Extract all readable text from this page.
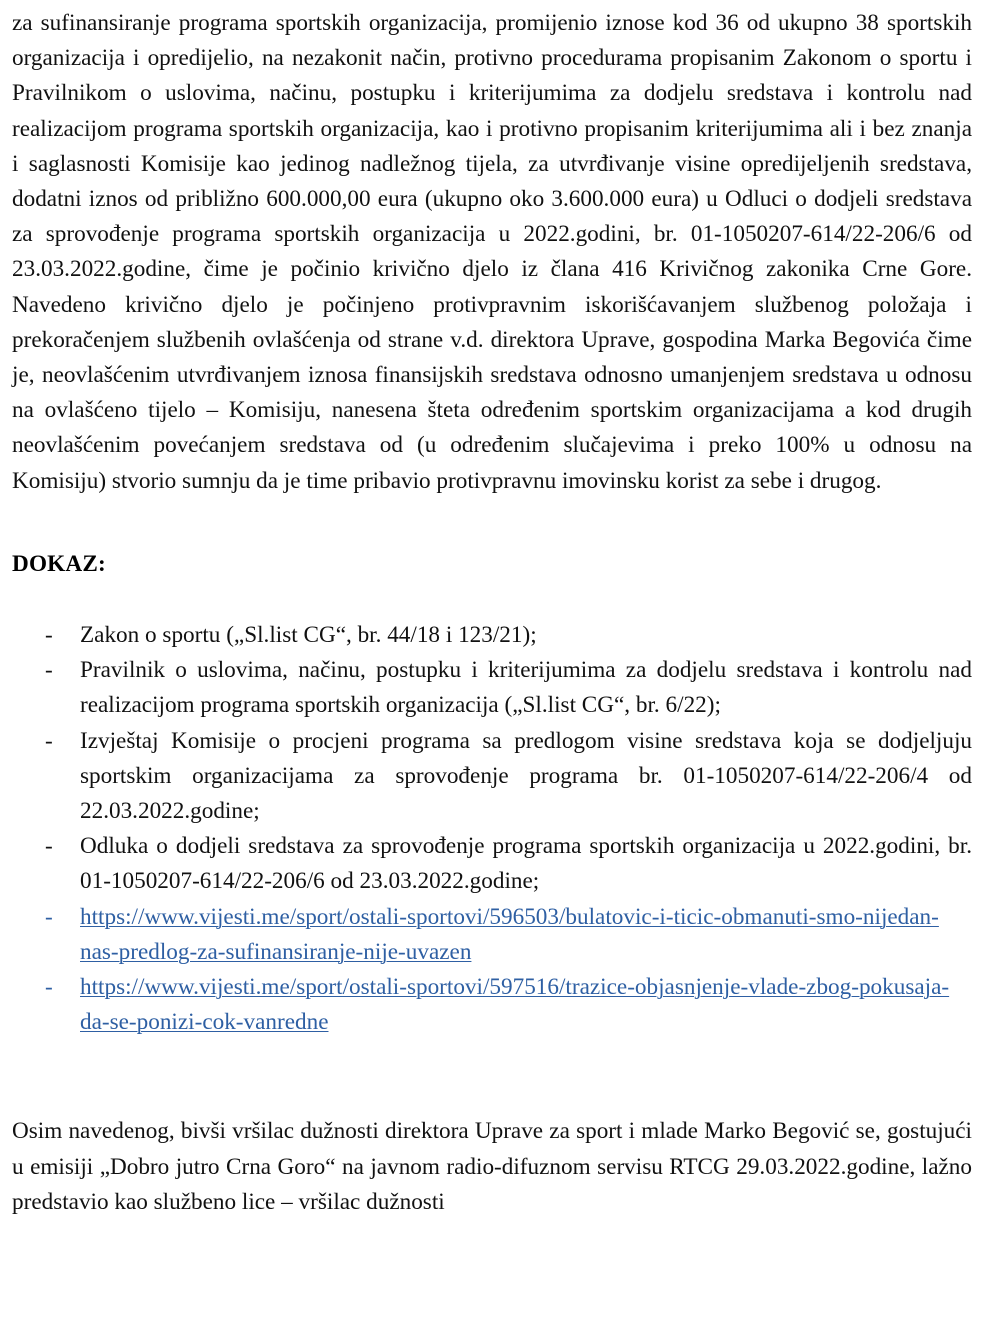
za sufinansiranje programa sportskih organizacija, promijenio iznose kod 36 od ukupno 38 sportskih organizacija i opredijelio, na nezakonit način, protivno procedurama propisanim Zakonom o sportu i Pravilnikom o uslovima, načinu, postupku i kriterijumima za dodjelu sredstava i kontrolu nad realizacijom programa sportskih organizacija, kao i protivno propisanim kriterijumima ali i bez znanja i saglasnosti Komisije kao jedinog nadležnog tijela, za utvrđivanje visine opredijeljenih sredstava, dodatni iznos od približno 600.000,00 eura (ukupno oko 3.600.000 eura) u Odluci o dodjeli sredstava za sprovođenje programa sportskih organizacija u 2022.godini, br. 01-1050207-614/22-206/6 od 23.03.2022.godine, čime je počinio krivično djelo iz člana 416 Krivičnog zakonika Crne Gore. Navedeno krivično djelo je počinjeno protivpravnim iskorišćavanjem službenog položaja i prekoračenjem službenih ovlašćenja od strane v.d. direktora Uprave, gospodina Marka Begovića čime je, neovlašćenim utvrđivanjem iznosa finansijskih sredstava odnosno umanjenjem sredstava u odnosu na ovlašćeno tijelo – Komisiju, nanesena šteta određenim sportskim organizacijama a kod drugih neovlašćenim povećanjem sredstava od (u određenim slučajevima i preko 100% u odnosu na Komisiju) stvorio sumnju da je time pribavio protivpravnu imovinsku korist za sebe i drugog.

DOKAZ:

-	Zakon o sportu („Sl.list CG“, br. 44/18 i 123/21);
-	Pravilnik o uslovima, načinu, postupku i kriterijumima za dodjelu sredstava i kontrolu nad realizacijom programa sportskih organizacija („Sl.list CG“, br. 6/22);
-	Izvještaj Komisije o procjeni programa sa predlogom visine sredstava koja se dodjeljuju sportskim organizacijama za sprovođenje programa br. 01-1050207-614/22-206/4 od 22.03.2022.godine;
-	Odluka o dodjeli sredstava za sprovođenje programa sportskih organizacija u 2022.godini, br. 01-1050207-614/22-206/6 od 23.03.2022.godine;
-	https://www.vijesti.me/sport/ostali-sportovi/596503/bulatovic-i-ticic-obmanuti-smo-nijedan-nas-predlog-za-sufinansiranje-nije-uvazen
-	https://www.vijesti.me/sport/ostali-sportovi/597516/trazice-objasnjenje-vlade-zbog-pokusaja-da-se-ponizi-cok-vanredne

Osim navedenog, bivši vršilac dužnosti direktora Uprave za sport i mlade Marko Begović se, gostujući u emisiji „Dobro jutro Crna Goro“ na javnom radio-difuznom servisu RTCG 29.03.2022.godine, lažno predstavio kao službeno lice – vršilac dužnosti
